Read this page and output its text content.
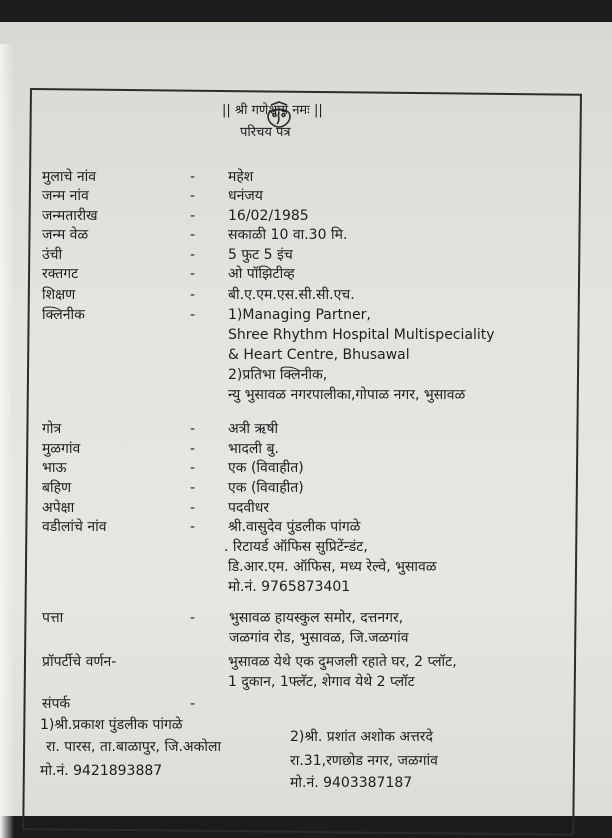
|| श्री गणेशाय नमः ||
परिचय पत्र
मुलाचे नांव	- महेश
जन्म नांव	- धनंजय
जन्मतारीख	- 16/02/1985
जन्म वेळ	- सकाळी 10 वा.30 मि.
उंची	- 5 फुट 5 इंच
रक्तगट	- ओ पॉझिटीव्ह
शिक्षण	- बी.ए.एम.एस.सी.सी.एच.
क्लिनीक	- 1)Managing Partner,
Shree Rhythm Hospital Multispeciality
& Heart Centre, Bhusawal
2)प्रतिभा क्लिनीक,
न्यु भुसावळ नगरपालीका,गोपाळ नगर, भुसावळ
गोत्र	- अत्री ऋषी
मुळगांव	- भादली बु.
भाऊ	- एक (विवाहीत)
बहिण	- एक (विवाहीत)
अपेक्षा	- पदवीधर
वडीलांचे नांव	- श्री.वासुदेव पुंडलीक पांगळे
. रिटायर्ड ऑफिस सुप्रिटेंन्डंट,
डि.आर.एम. ऑफिस, मध्य रेल्वे, भुसावळ
मो.नं. 9765873401
पत्ता	- भुसावळ हायस्कुल समोर, दत्तनगर,
जळगांव रोड, भुसावळ, जि.जळगांव
प्रॉपर्टीचे वर्णन-	भुसावळ येथे एक दुमजली रहाते घर, 2 प्लॉट,
1 दुकान, 1फ्लॅट, शेगाव येथे 2 प्लॉट
संपर्क	-
1)श्री.प्रकाश पुंडलीक पांगळे
रा. पारस, ता.बाळापुर, जि.अकोला
मो.नं. 9421893887
2)श्री. प्रशांत अशोक अत्तरदे
रा.31,रणछोड नगर, जळगांव
मो.नं. 9403387187
